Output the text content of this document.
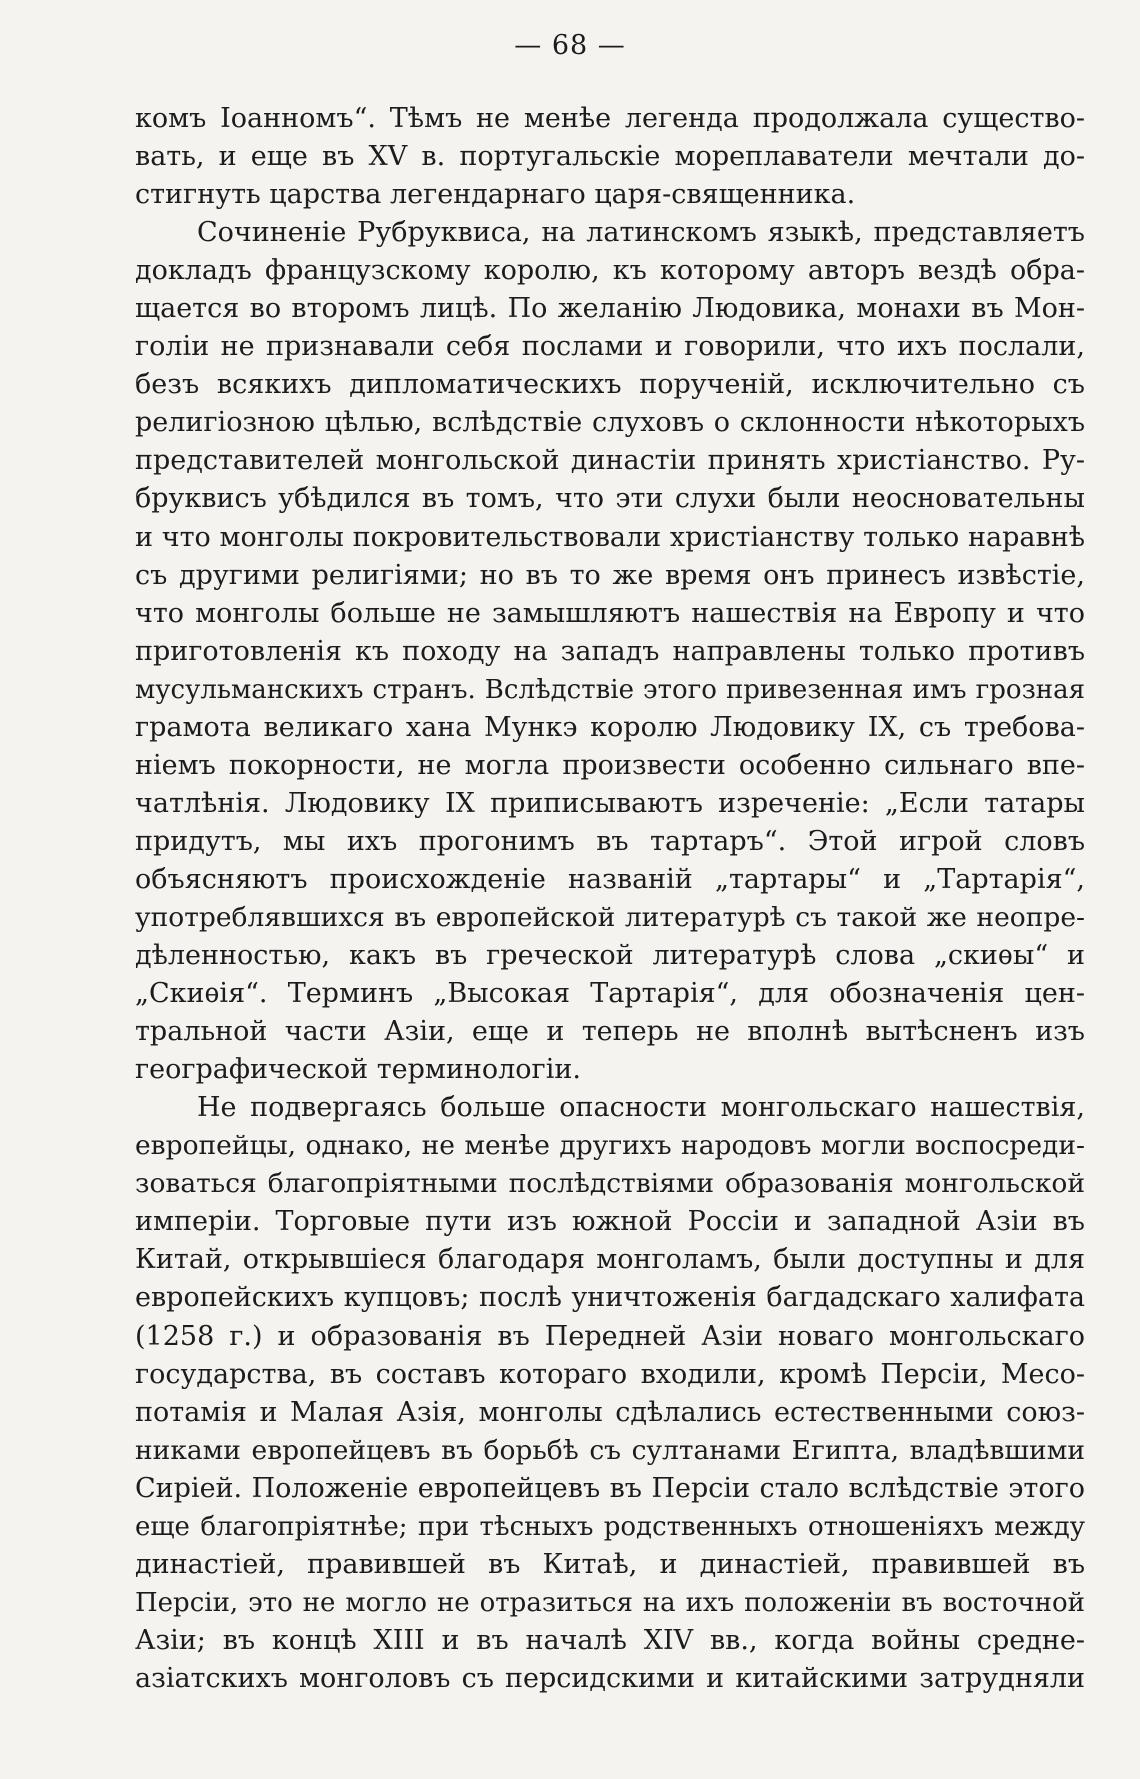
— 68 —
комъ Іоанномъ“. Тѣмъ не менѣе легенда продолжала существо-
вать, и еще въ XV в. португальскіе мореплаватели мечтали до-
стигнуть царства легендарнаго царя-священника.
Сочиненіе Рубруквиса, на латинскомъ языкѣ, представляетъ
докладъ французскому королю, къ которому авторъ вездѣ обра-
щается во второмъ лицѣ. По желанію Людовика, монахи въ Мон-
голіи не признавали себя послами и говорили, что ихъ послали,
безъ всякихъ дипломатическихъ порученій, исключительно съ
религіозною цѣлью, вслѣдствіе слуховъ о склонности нѣкоторыхъ
представителей монгольской династіи принять христіанство. Ру-
бруквисъ убѣдился въ томъ, что эти слухи были неосновательны
и что монголы покровительствовали христіанству только наравнѣ
съ другими религіями; но въ то же время онъ принесъ извѣстіе,
что монголы больше не замышляютъ нашествія на Европу и что
приготовленія къ походу на западъ направлены только противъ
мусульманскихъ странъ. Вслѣдствіе этого привезенная имъ грозная
грамота великаго хана Мункэ королю Людовику IX, съ требова-
ніемъ покорности, не могла произвести особенно сильнаго впе-
чатлѣнія. Людовику IX приписываютъ изреченіе: „Если татары
придутъ, мы ихъ прогонимъ въ тартаръ“. Этой игрой словъ
объясняютъ происхожденіе названій „тартары“ и „Тартарія“,
употреблявшихся въ европейской литературѣ съ такой же неопре-
дѣленностью, какъ въ греческой литературѣ слова „скиѳы“ и
„Скиѳія“. Терминъ „Высокая Тартарія“, для обозначенія цен-
тральной части Азіи, еще и теперь не вполнѣ вытѣсненъ изъ
географической терминологіи.
Не подвергаясь больше опасности монгольскаго нашествія,
европейцы, однако, не менѣе другихъ народовъ могли воспосреди-
зоваться благопріятными послѣдствіями образованія монгольской
имперіи. Торговые пути изъ южной Россіи и западной Азіи въ
Китай, открывшіеся благодаря монголамъ, были доступны и для
европейскихъ купцовъ; послѣ уничтоженія багдадскаго халифата
(1258 г.) и образованія въ Передней Азіи новаго монгольскаго
государства, въ составъ котораго входили, кромѣ Персіи, Месо-
потамія и Малая Азія, монголы сдѣлались естественными союз-
никами европейцевъ въ борьбѣ съ султанами Египта, владѣвшими
Сиріей. Положеніе европейцевъ въ Персіи стало вслѣдствіе этого
еще благопріятнѣе; при тѣсныхъ родственныхъ отношеніяхъ между
династіей, правившей въ Китаѣ, и династіей, правившей въ
Персіи, это не могло не отразиться на ихъ положеніи въ восточной
Азіи; въ концѣ XIII и въ началѣ XIV вв., когда войны средне-
азіатскихъ монголовъ съ персидскими и китайскими затрудняли
